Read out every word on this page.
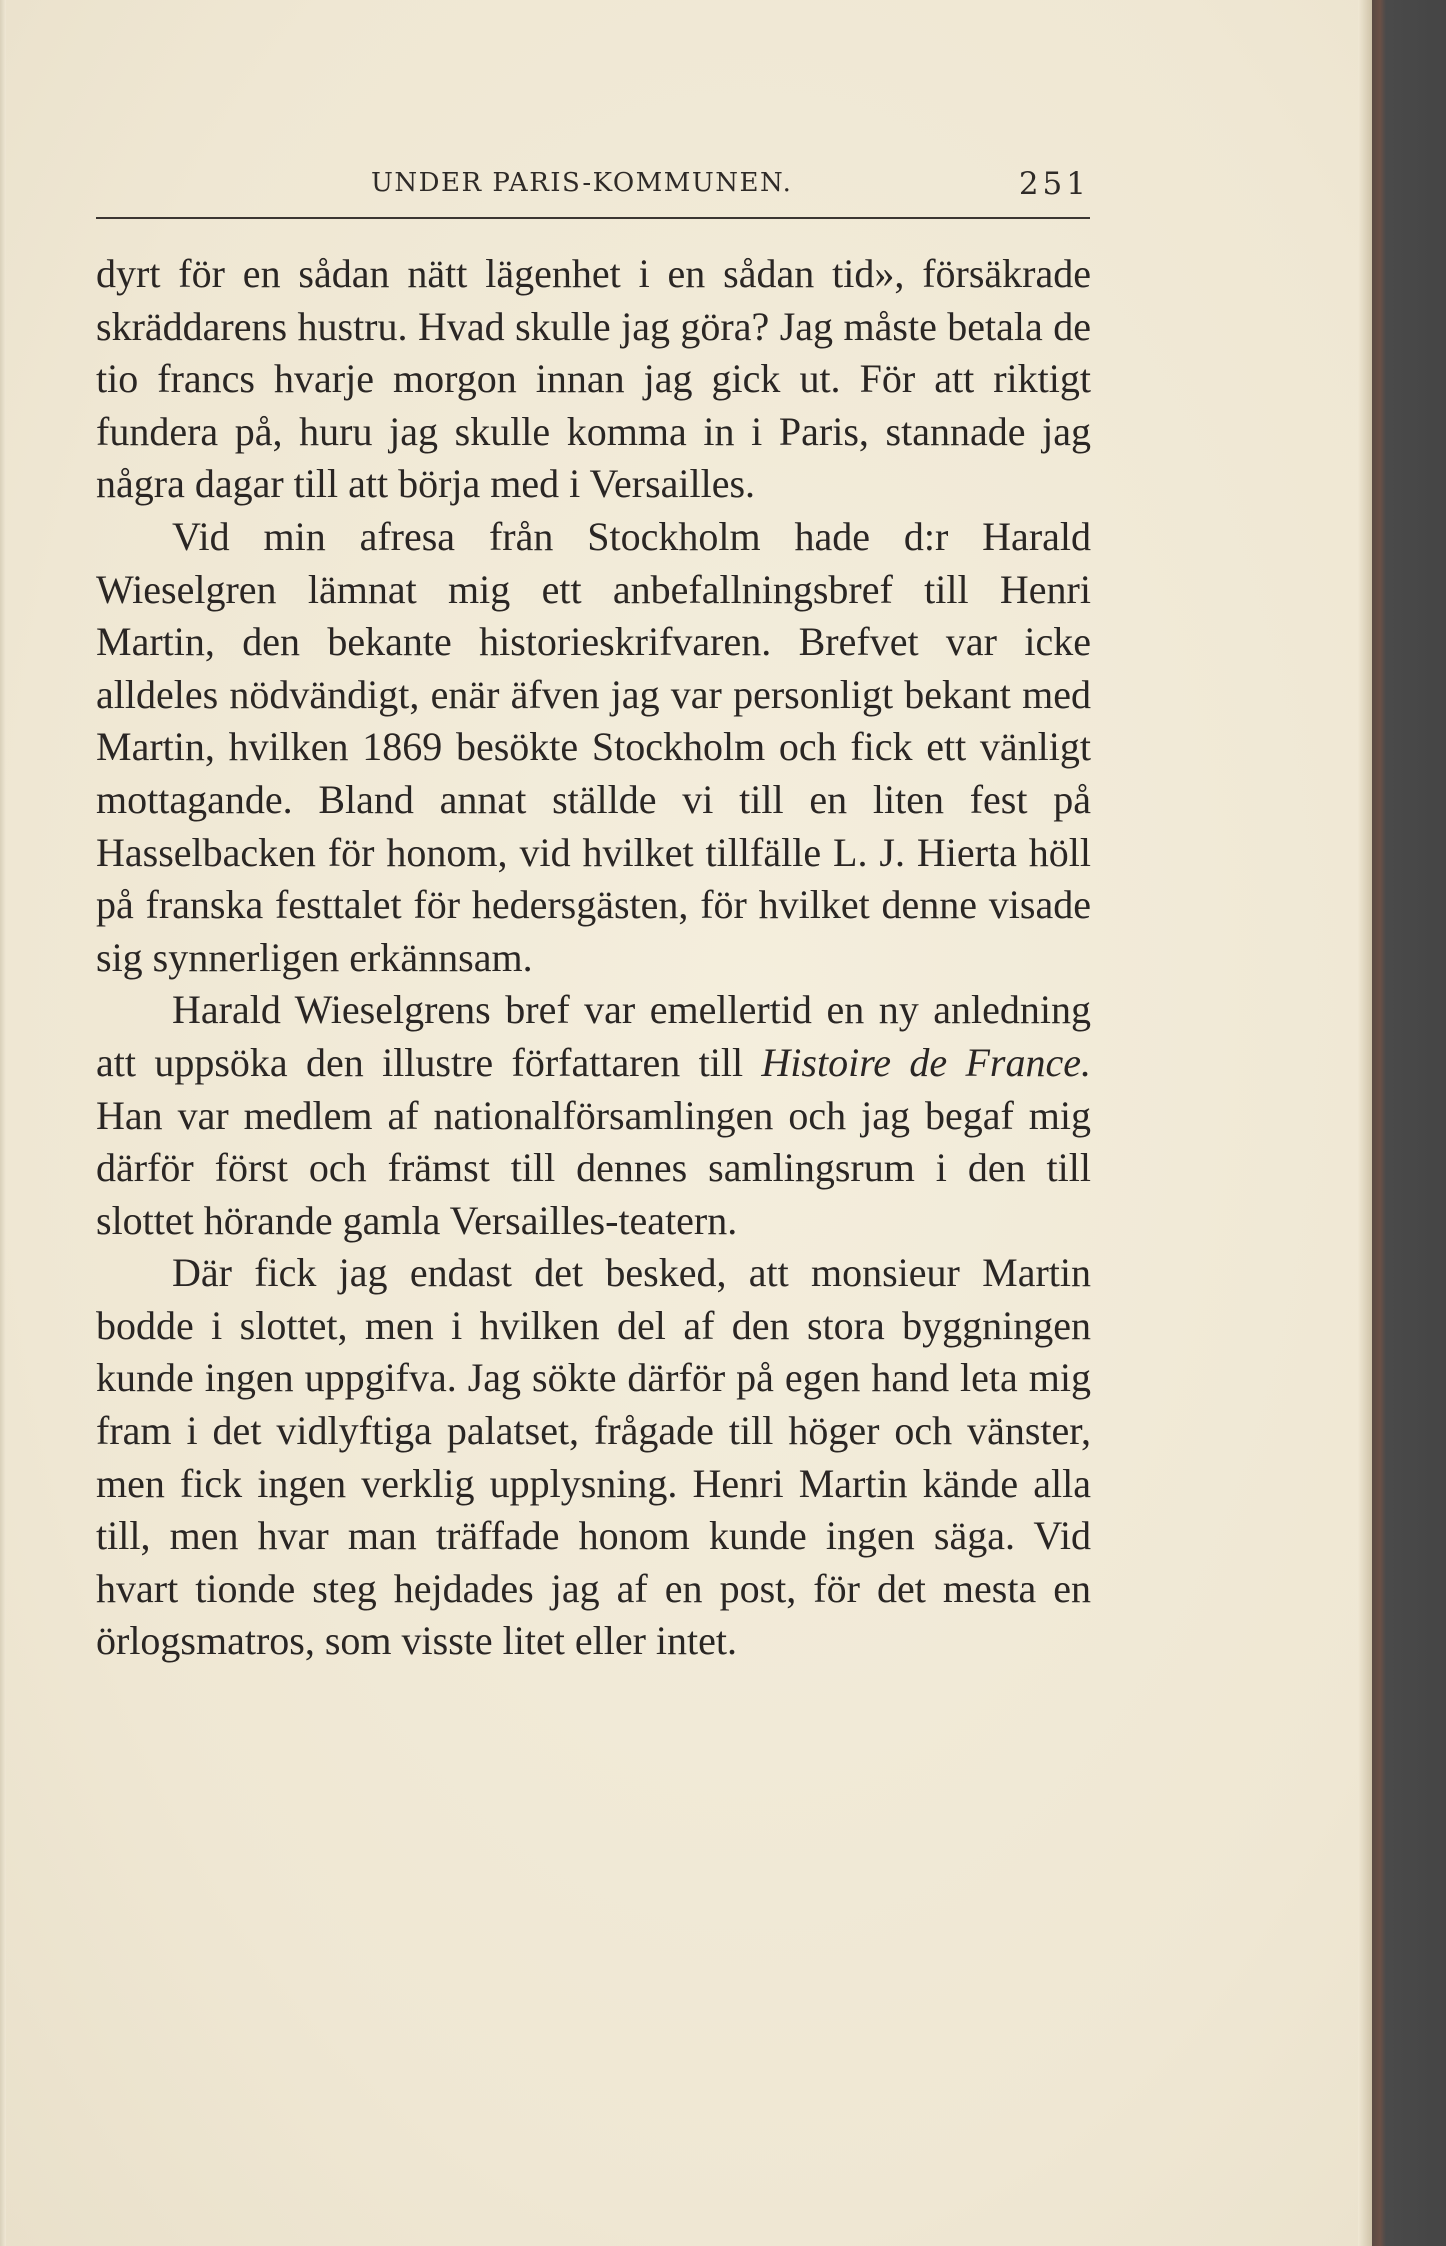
UNDER PARIS-KOMMUNEN.	251

dyrt för en sådan nätt lägenhet i en sådan tid», försäkrade skräddarens hustru. Hvad skulle jag göra? Jag måste betala de tio francs hvarje morgon innan jag gick ut. För att riktigt fundera på, huru jag skulle komma in i Paris, stannade jag några dagar till att börja med i Versailles.

Vid min afresa från Stockholm hade d:r Harald Wieselgren lämnat mig ett anbefallningsbref till Henri Martin, den bekante historieskrifvaren. Brefvet var icke alldeles nödvändigt, enär äfven jag var personligt bekant med Martin, hvilken 1869 besökte Stockholm och fick ett vänligt mottagande. Bland annat ställde vi till en liten fest på Hasselbacken för honom, vid hvilket tillfälle L. J. Hierta höll på franska festtalet för hedersgästen, för hvilket denne visade sig synnerligen erkännsam.

Harald Wieselgrens bref var emellertid en ny anledning att uppsöka den illustre författaren till Histoire de France. Han var medlem af nationalförsamlingen och jag begaf mig därför först och främst till dennes samlingsrum i den till slottet hörande gamla Versailles-teatern.

Där fick jag endast det besked, att monsieur Martin bodde i slottet, men i hvilken del af den stora byggningen kunde ingen uppgifva. Jag sökte därför på egen hand leta mig fram i det vidlyftiga palatset, frågade till höger och vänster, men fick ingen verklig upplysning. Henri Martin kände alla till, men hvar man träffade honom kunde ingen säga. Vid hvart tionde steg hejdades jag af en post, för det mesta en örlogsmatros, som visste litet eller intet.
